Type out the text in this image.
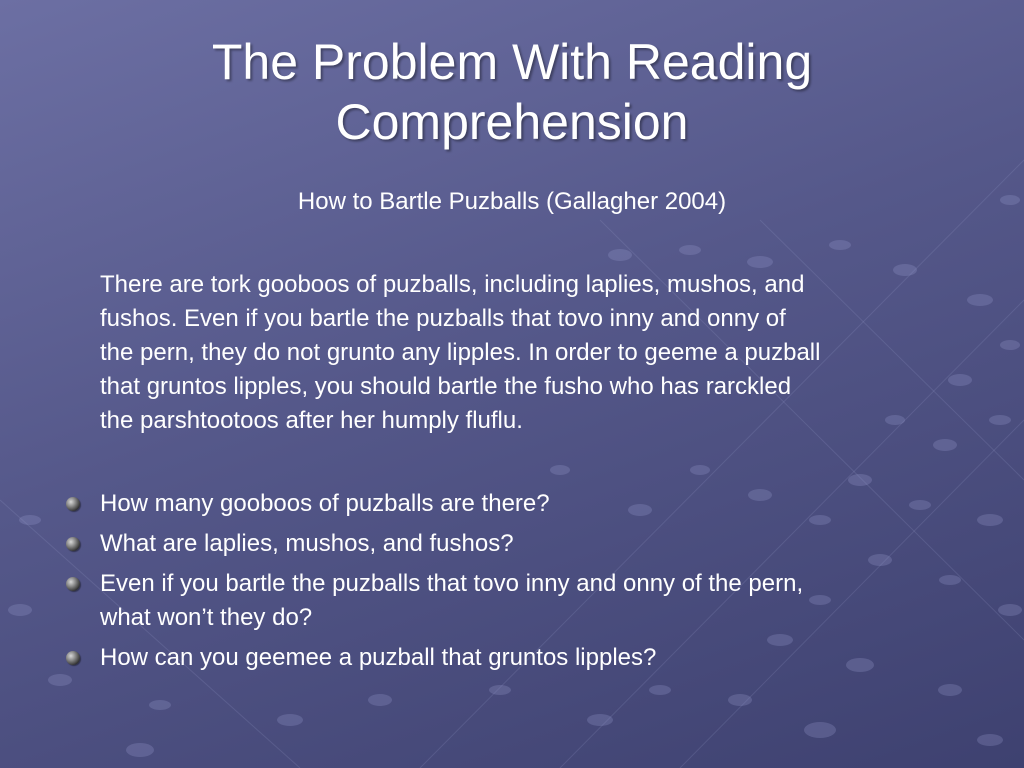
The Problem With Reading
Comprehension
How to Bartle Puzballs (Gallagher 2004)
There are tork gooboos of puzballs, including laplies, mushos, and
fushos. Even if you bartle the puzballs that tovo inny and onny of
the pern, they do not grunto any lipples. In order to geeme a puzball
that gruntos lipples, you should bartle the fusho who has rarckled
the parshtootoos after her humply fluflu.
How many gooboos of puzballs are there?
What are laplies, mushos, and fushos?
Even if you bartle the puzballs that tovo inny and onny of the pern,
what won’t they do?
How can you geemee a puzball that gruntos lipples?
